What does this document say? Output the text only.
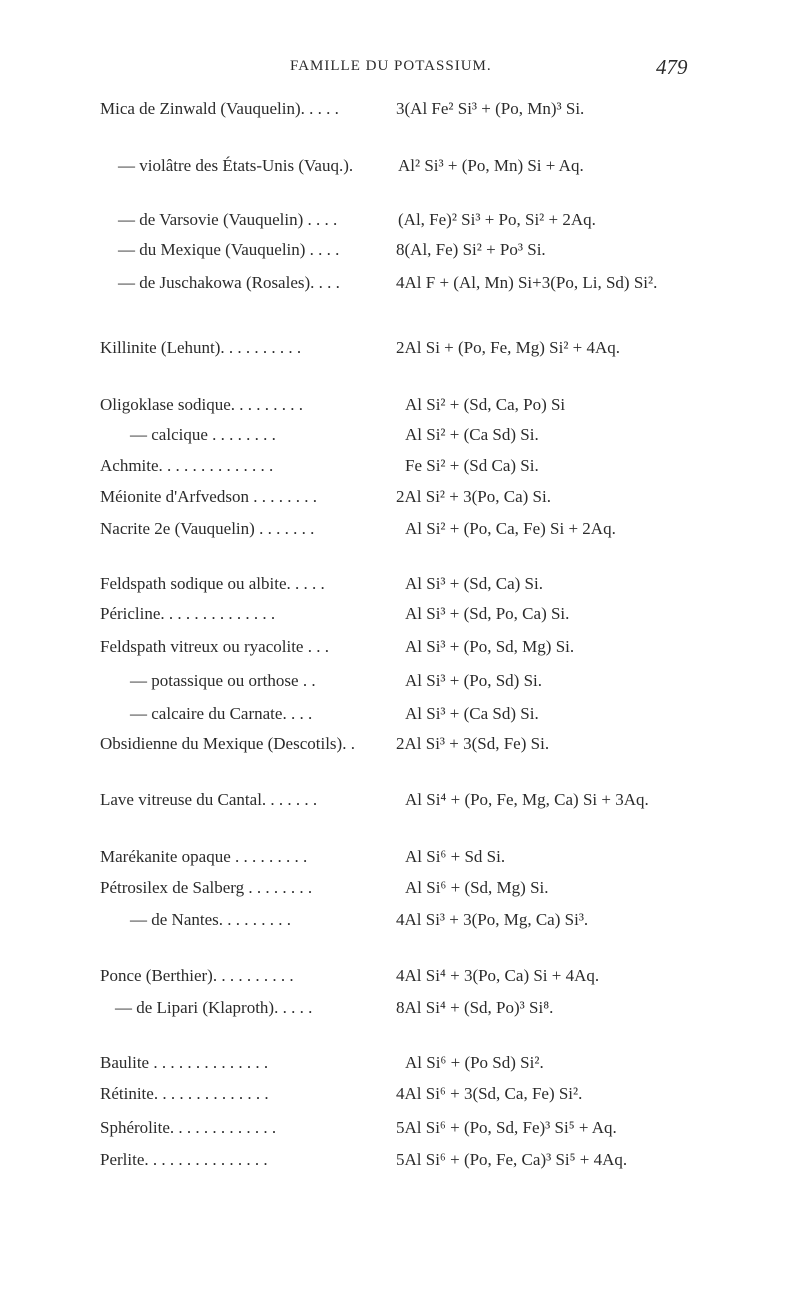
FAMILLE DU POTASSIUM.	479
Mica de Zinwald (Vauquelin). . . . .	3(Al Fe² Si³ + (Po, Mn)³ Si.
— violâtre des États-Unis (Vauq.).	Al² Si³ + (Po, Mn) Si + Aq.
— de Varsovie (Vauquelin) . . . .	(Al, Fe)² Si³ + Po, Si² + 2Aq.
— du Mexique (Vauquelin) . . . .	8(Al, Fe) Si² + Po³ Si.
— de Juschakowa (Rosales). . . .	4Al F + (Al, Mn) Si+3(Po, Li, Sd) Si².
Killinite (Lehunt). . . . . . . . . .	2Al Si + (Po, Fe, Mg) Si² + 4Aq.
Oligoklase sodique. . . . . . . . .	Al Si² + (Sd, Ca, Po) Si
— calcique . . . . . . . .	Al Si² + (Ca Sd) Si.
Achmite. . . . . . . . . . . . . .	Fe Si² + (Sd Ca) Si.
Méionite d'Arfvedson . . . . . . . .	2Al Si² + 3(Po, Ca) Si.
Nacrite 2e (Vauquelin) . . . . . . .	Al Si² + (Po, Ca, Fe) Si + 2Aq.
Feldspath sodique ou albite. . . . .	Al Si³ + (Sd, Ca) Si.
Péricline. . . . . . . . . . . . . .	Al Si³ + (Sd, Po, Ca) Si.
Feldspath vitreux ou ryacolite . . .	Al Si³ + (Po, Sd, Mg) Si.
— potassique ou orthose . .	Al Si³ + (Po, Sd) Si.
— calcaire du Carnate. . . .	Al Si³ + (Ca Sd) Si.
Obsidienne du Mexique (Descotils). . 2Al Si³ + 3(Sd, Fe) Si.
Lave vitreuse du Cantal. . . . . . .	Al Si⁴ + (Po, Fe, Mg, Ca) Si + 3Aq.
Marékanite opaque . . . . . . . . .	Al Si⁶ + Sd Si.
Pétrosilex de Salberg . . . . . . . .	Al Si⁶ + (Sd, Mg) Si.
— de Nantes. . . . . . . . .	4Al Si³ + 3(Po, Mg, Ca) Si³.
Ponce (Berthier). . . . . . . . . .	4Al Si⁴ + 3(Po, Ca) Si + 4Aq.
— de Lipari (Klaproth). . . . .	8Al Si⁴ + (Sd, Po)³ Si⁸.
Baulite . . . . . . . . . . . . . .	Al Si⁶ + (Po Sd) Si².
Rétinite. . . . . . . . . . . . . .	4Al Si⁶ + 3(Sd, Ca, Fe) Si².
Sphérolite. . . . . . . . . . . . .	5Al Si⁶ + (Po, Sd, Fe)³ Si⁵ + Aq.
Perlite. . . . . . . . . . . . . . .	5Al Si⁶ + (Po, Fe, Ca)³ Si⁵ + 4Aq.
